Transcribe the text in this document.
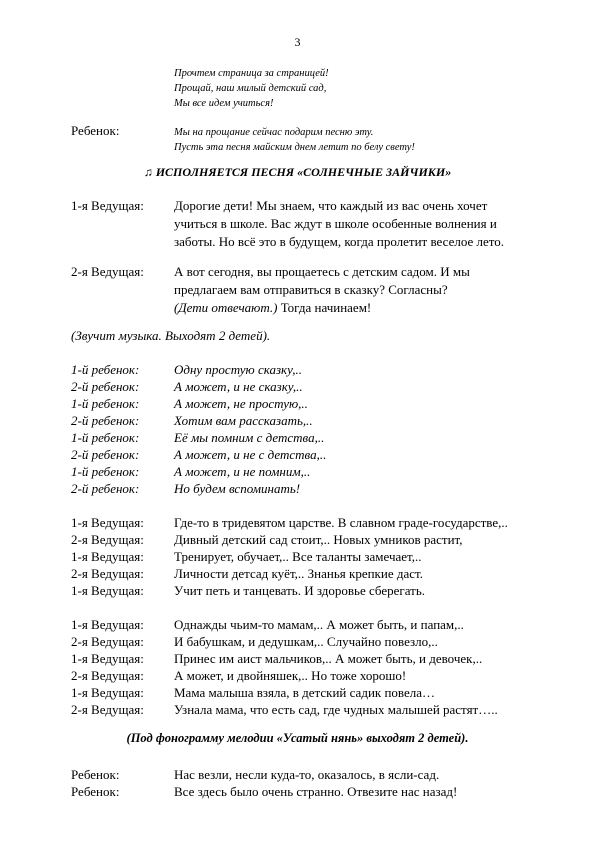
3
Прочтем страница за страницей!
Прощай, наш милый детский сад,
Мы все идем учиться!
Ребенок:	Мы на прощание сейчас подарим песню эту.
Пусть эта песня майским днем летит по белу свету!
♫ ИСПОЛНЯЕТСЯ ПЕСНЯ «СОЛНЕЧНЫЕ ЗАЙЧИКИ»
1-я Ведущая: Дорогие дети! Мы знаем, что каждый из вас очень хочет
учиться в школе. Вас ждут в школе особенные волнения и
заботы. Но всё это в будущем, когда пролетит веселое лето.
2-я Ведущая: А вот сегодня, вы прощаетесь с детским садом. И мы
предлагаем вам отправиться в сказку? Согласны?
(Дети отвечают.) Тогда начинаем!
(Звучит музыка. Выходят 2 детей).
1-й ребенок:	Одну простую сказку,..
2-й ребенок:	А может, и не сказку,..
1-й ребенок:	А может, не простую,..
2-й ребенок:	Хотим вам рассказать,..
1-й ребенок:	Её мы помним с детства,..
2-й ребенок:	А может, и не с детства,..
1-й ребенок:	А может, и не помним,..
2-й ребенок:	Но будем вспоминать!
1-я Ведущая: Где-то в тридевятом царстве. В славном граде-государстве,..
2-я Ведущая: Дивный детский сад стоит,.. Новых умников растит,
1-я Ведущая: Тренирует, обучает,.. Все таланты замечает,..
2-я Ведущая: Личности детсад куёт,.. Знанья крепкие даст.
1-я Ведущая: Учит петь и танцевать. И здоровье сберегать.
1-я Ведущая: Однажды чьим-то мамам,.. А может быть, и папам,..
2-я Ведущая: И бабушкам, и дедушкам,.. Случайно повезло,..
1-я Ведущая: Принес им аист мальчиков,.. А может быть, и девочек,..
2-я Ведущая: А может, и двойняшек,.. Но тоже хорошо!
1-я Ведущая: Мама малыша взяла, в детский садик повела…
2-я Ведущая: Узнала мама, что есть сад, где чудных малышей растят…..
(Под фонограмму мелодии «Усатый нянь» выходят 2 детей).
Ребенок:	Нас везли, несли куда-то, оказалось, в ясли-сад.
Ребенок:	Все здесь было очень странно. Отвезите нас назад!
